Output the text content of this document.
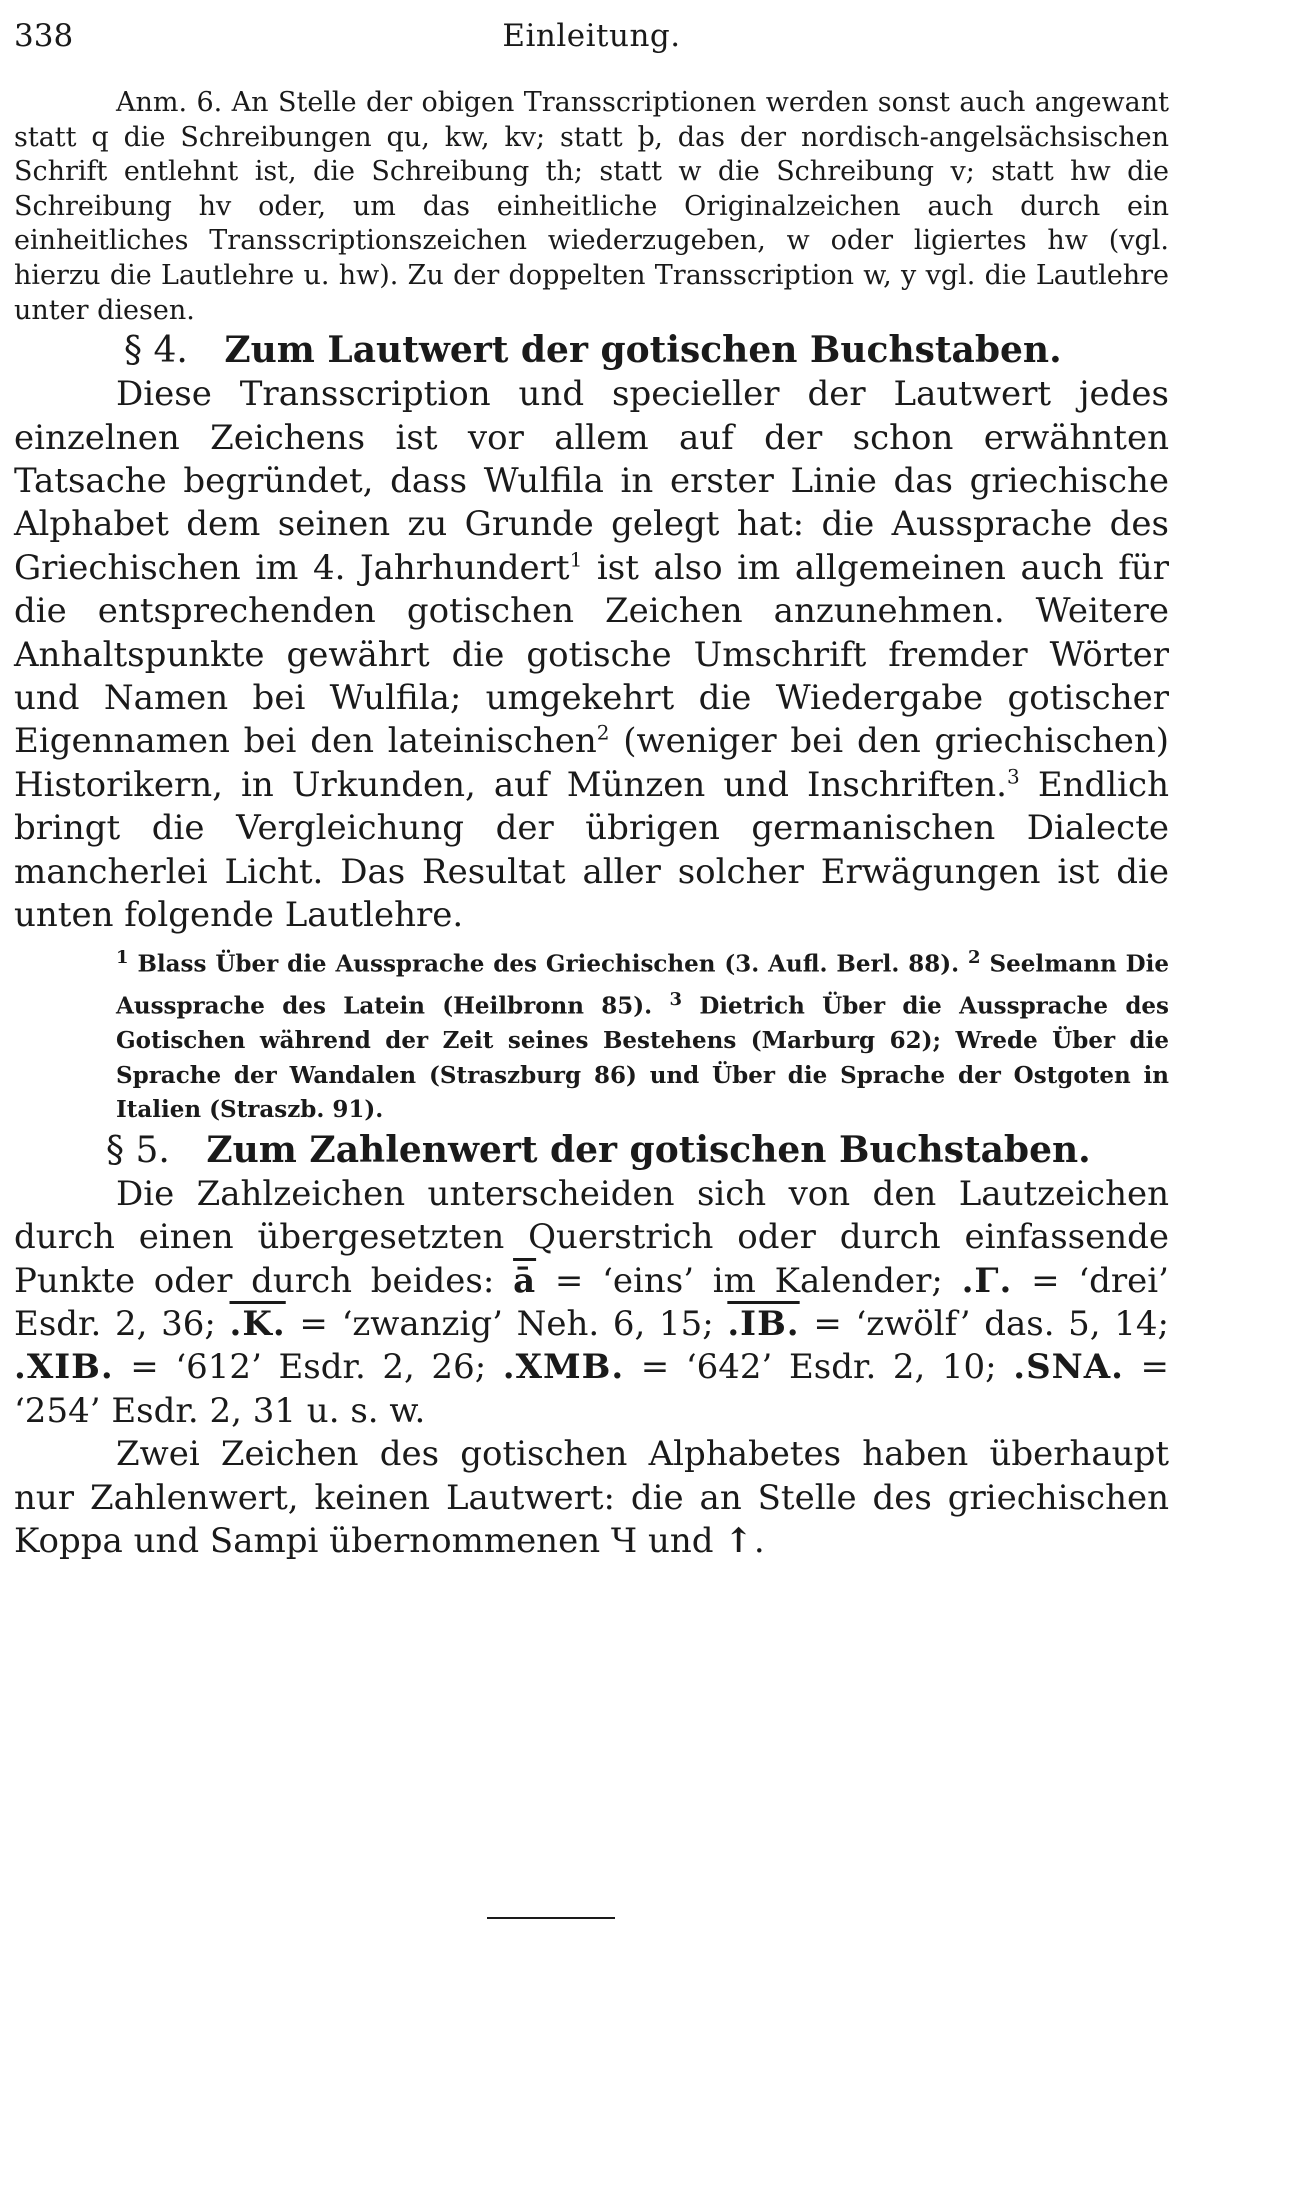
338	Einleitung.
Anm. 6. An Stelle der obigen Transscriptionen werden sonst auch angewant statt q die Schreibungen qu, kw, kv; statt þ, das der nordisch-angelsächsischen Schrift entlehnt ist, die Schreibung th; statt w die Schreibung v; statt hw die Schreibung hv oder, um das einheitliche Originalzeichen auch durch ein einheitliches Transscriptionszeichen wiederzugeben, w oder ligiertes hw (vgl. hierzu die Lautlehre u. hw). Zu der doppelten Transscription w, y vgl. die Lautlehre unter diesen.
§ 4. Zum Lautwert der gotischen Buchstaben.

Diese Transscription und specieller der Lautwert jedes einzelnen Zeichens ist vor allem auf der schon erwähnten Tatsache begründet, dass Wulfila in erster Linie das griechische Alphabet dem seinen zu Grunde gelegt hat: die Aussprache des Griechischen im 4. Jahrhundert$^1$ ist also im allgemeinen auch für die entsprechenden gotischen Zeichen anzunehmen. Weitere Anhaltspunkte gewährt die gotische Umschrift fremder Wörter und Namen bei Wulfila; umgekehrt die Wiedergabe gotischer Eigennamen bei den lateinischen$^2$ (weniger bei den griechischen) Historikern, in Urkunden, auf Münzen und Inschriften.$^3$ Endlich bringt die Vergleichung der übrigen germanischen Dialecte mancherlei Licht. Das Resultat aller solcher Erwägungen ist die unten folgende Lautlehre.

$^1$ Blass Über die Aussprache des Griechischen (3. Aufl. Berl. 88). $^2$ Seelmann Die Aussprache des Latein (Heilbronn 85). $^3$ Dietrich Über die Aussprache des Gotischen während der Zeit seines Bestehens (Marburg 62); Wrede Über die Sprache der Wandalen (Straszburg 86) und Über die Sprache der Ostgoten in Italien (Straszb. 91).
§ 5. Zum Zahlenwert der gotischen Buchstaben.

Die Zahlzeichen unterscheiden sich von den Lautzeichen durch einen übergesetzten Querstrich oder durch einfassende Punkte oder durch beides: $\overline{ā}$ = ‘eins’ im Kalender; .Γ. = ‘drei’ Esdr. 2, 36; .K. = ‘zwanzig’ Neh. 6, 15; .IB. = ‘zwölf’ das. 5, 14; .XIB. = ‘612’ Esdr. 2, 26; .XMB. = ‘642’ Esdr. 2, 10; .SNA. = ‘254’ Esdr. 2, 31 u. s. w.

Zwei Zeichen des gotischen Alphabetes haben überhaupt nur Zahlenwert, keinen Lautwert: die an Stelle des griechischen Koppa und Sampi übernommenen Ч und ↑.
